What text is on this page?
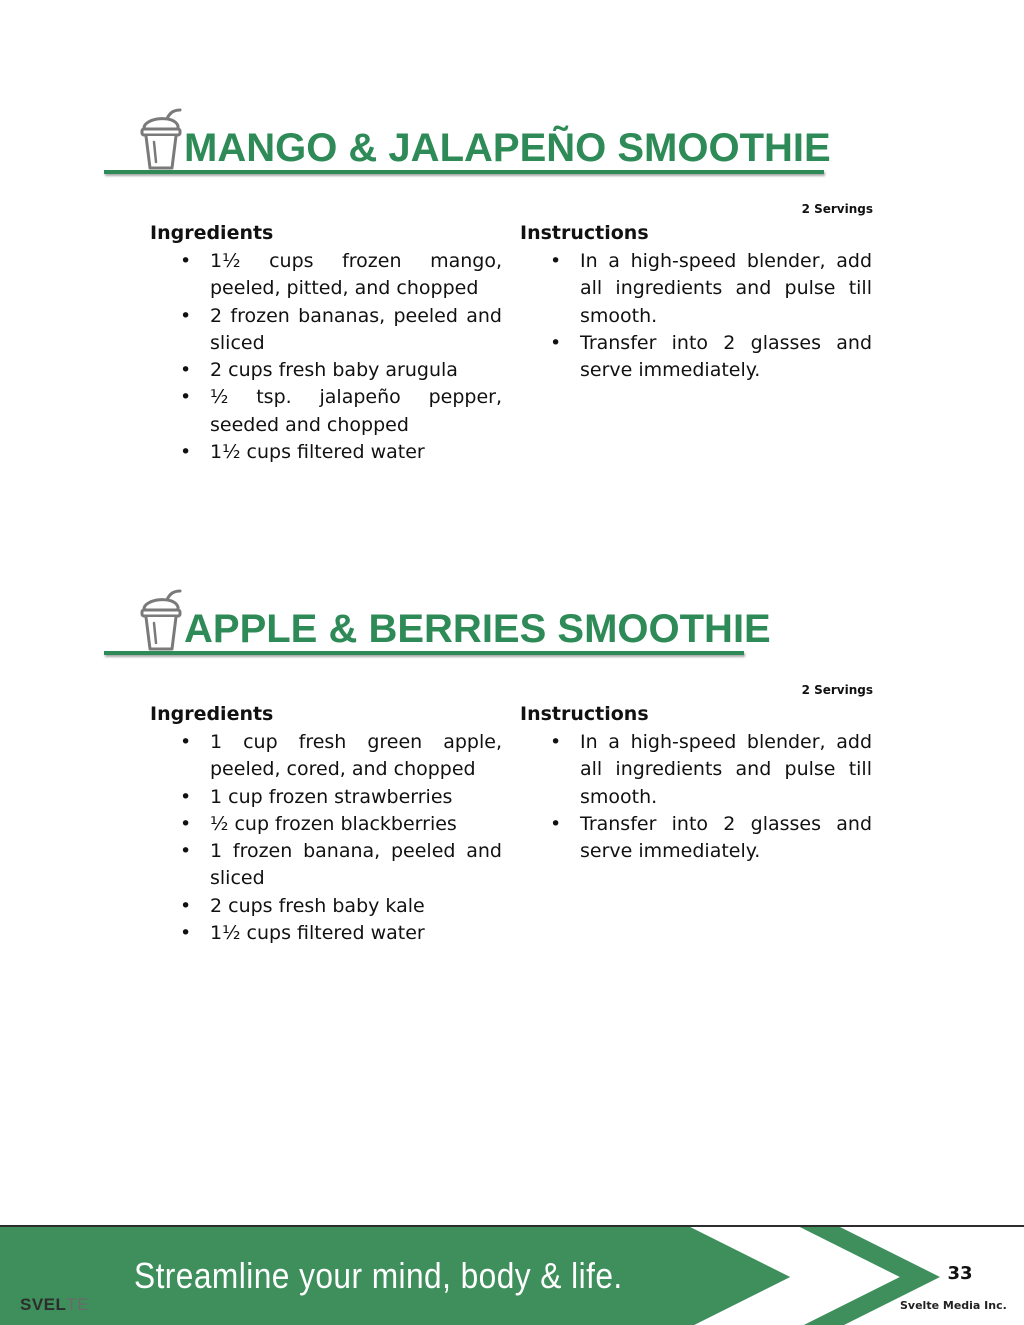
MANGO & JALAPEÑO SMOOTHIE
2 Servings
Ingredients
• 1½ cups frozen mango, peeled, pitted, and chopped
• 2 frozen bananas, peeled and sliced
• 2 cups fresh baby arugula
• ½ tsp. jalapeño pepper, seeded and chopped
• 1½ cups filtered water
Instructions
• In a high-speed blender, add all ingredients and pulse till smooth.
• Transfer into 2 glasses and serve immediately.
APPLE & BERRIES SMOOTHIE
2 Servings
Ingredients
• 1 cup fresh green apple, peeled, cored, and chopped
• 1 cup frozen strawberries
• ½ cup frozen blackberries
• 1 frozen banana, peeled and sliced
• 2 cups fresh baby kale
• 1½ cups filtered water
Instructions
• In a high-speed blender, add all ingredients and pulse till smooth.
• Transfer into 2 glasses and serve immediately.
Streamline your mind, body & life.
SVELTE
33
Svelte Media Inc.
